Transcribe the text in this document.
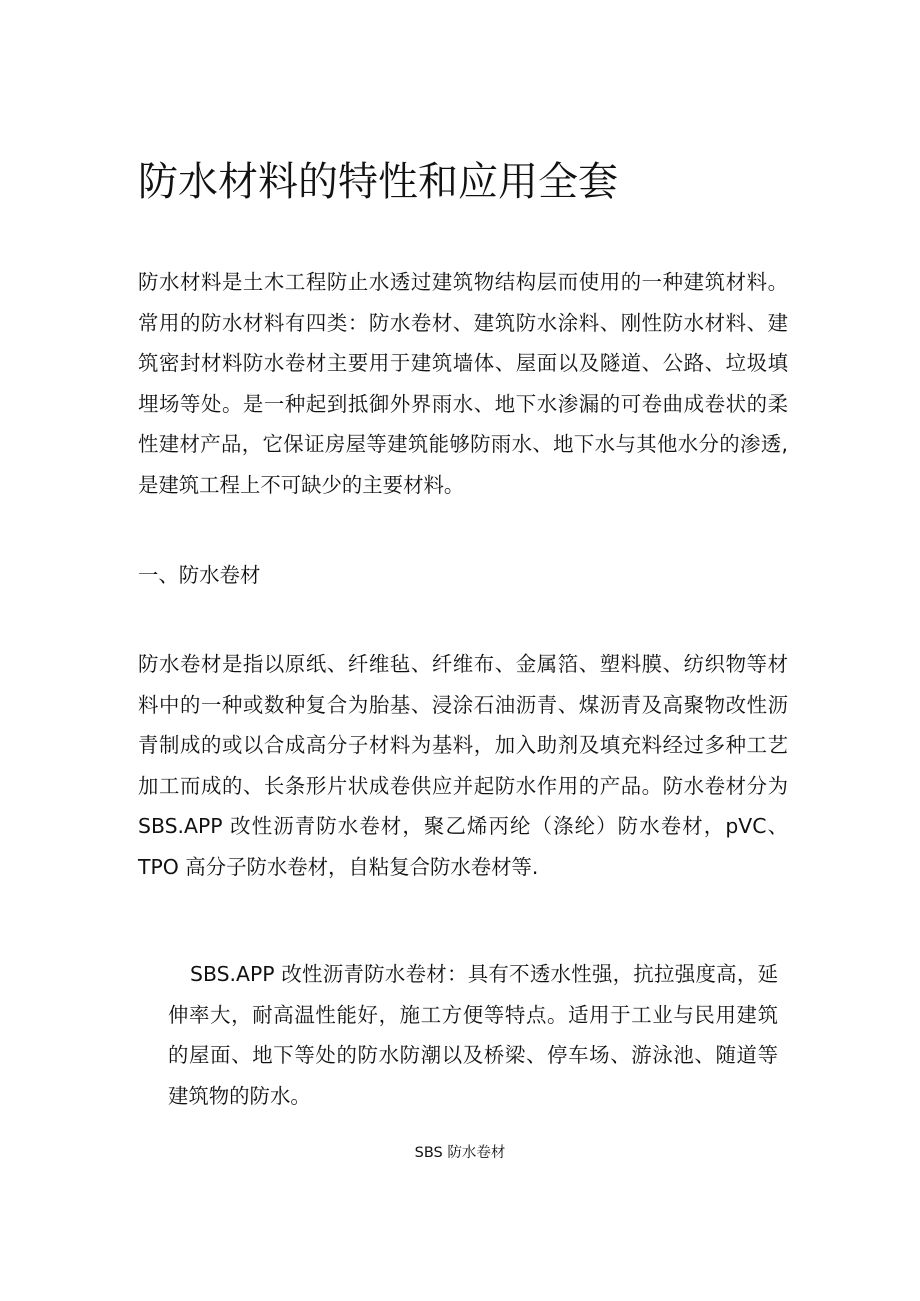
防水材料的特性和应用全套

防水材料是土木工程防止水透过建筑物结构层而使用的一种建筑材料。常用的防水材料有四类：防水卷材、建筑防水涂料、刚性防水材料、建筑密封材料防水卷材主要用于建筑墙体、屋面以及隧道、公路、垃圾填埋场等处。是一种起到抵御外界雨水、地下水渗漏的可卷曲成卷状的柔性建材产品，它保证房屋等建筑能够防雨水、地下水与其他水分的渗透,是建筑工程上不可缺少的主要材料。

一、防水卷材

防水卷材是指以原纸、纤维毡、纤维布、金属箔、塑料膜、纺织物等材料中的一种或数种复合为胎基、浸涂石油沥青、煤沥青及高聚物改性沥青制成的或以合成高分子材料为基料，加入助剂及填充料经过多种工艺加工而成的、长条形片状成卷供应并起防水作用的产品。防水卷材分为 SBS.APP 改性沥青防水卷材，聚乙烯丙纶（涤纶）防水卷材，pVC、TPO 高分子防水卷材，自粘复合防水卷材等.

SBS.APP 改性沥青防水卷材：具有不透水性强，抗拉强度高，延伸率大，耐高温性能好，施工方便等特点。适用于工业与民用建筑的屋面、地下等处的防水防潮以及桥梁、停车场、游泳池、随道等建筑物的防水。

SBS 防水卷材
